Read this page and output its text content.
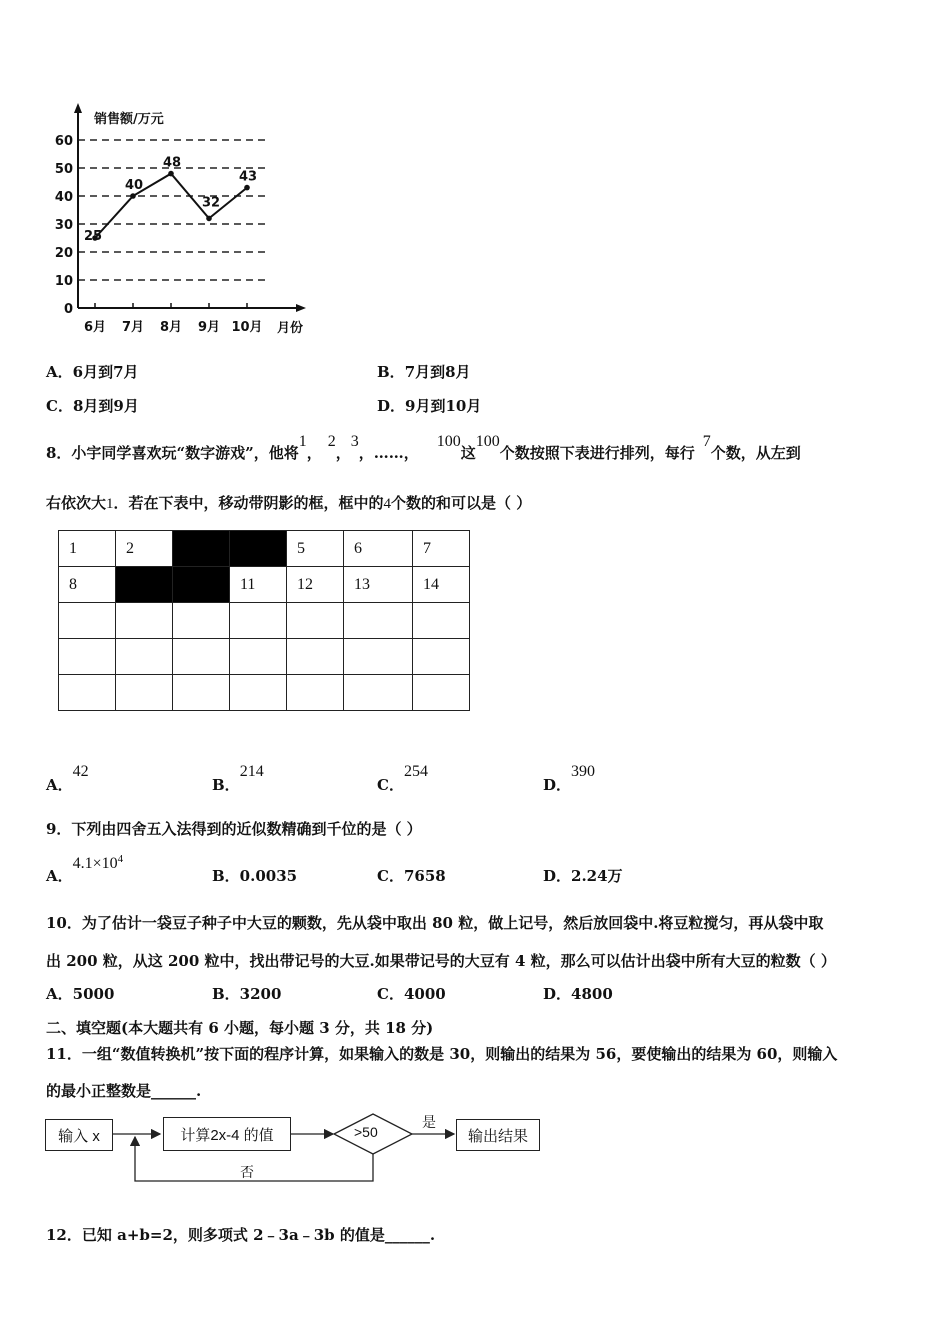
0
10
20
30
40
50
60
6月 7月 8月 9月 10月
销售额/万元
月份
25
40
48
32
43
A．6月到7月	B．7月到8月
C．8月到9月	D．9月到10月
8．小宇同学喜欢玩“数字游戏”，他将1，2，3，……，100这100个数按照下表进行排列，每行7个数，从左到
右依次大1．若在下表中，移动带阴影的框，框中的4个数的和可以是（ ）
1	2			5	6	7
8			11	12	13	14

A．42
B．214
C．254
D．390
9．下列由四舍五入法得到的近似数精确到千位的是（ ）
A．$4.1\times 10^4$
B．0.0035	C．7658	D．2.24万
10．为了估计一袋豆子种子中大豆的颗数，先从袋中取出 80 粒，做上记号，然后放回袋中.将豆粒搅匀，再从袋中取
出 200 粒，从这 200 粒中，找出带记号的大豆.如果带记号的大豆有 4 粒，那么可以估计出袋中所有大豆的粒数（ ）
A．5000	B．3200	C．4000	D．4800
二、填空题(本大题共有 6 小题，每小题 3 分，共 18 分)
11．一组“数值转换机”按下面的程序计算，如果输入的数是 30，则输出的结果为 56，要使输出的结果为 60，则输入
的最小正整数是______.
输入 x	计算2x-4 的值	>50
是
输出结果
否
12．已知 a+b=2，则多项式 2﹣3a﹣3b 的值是______.
